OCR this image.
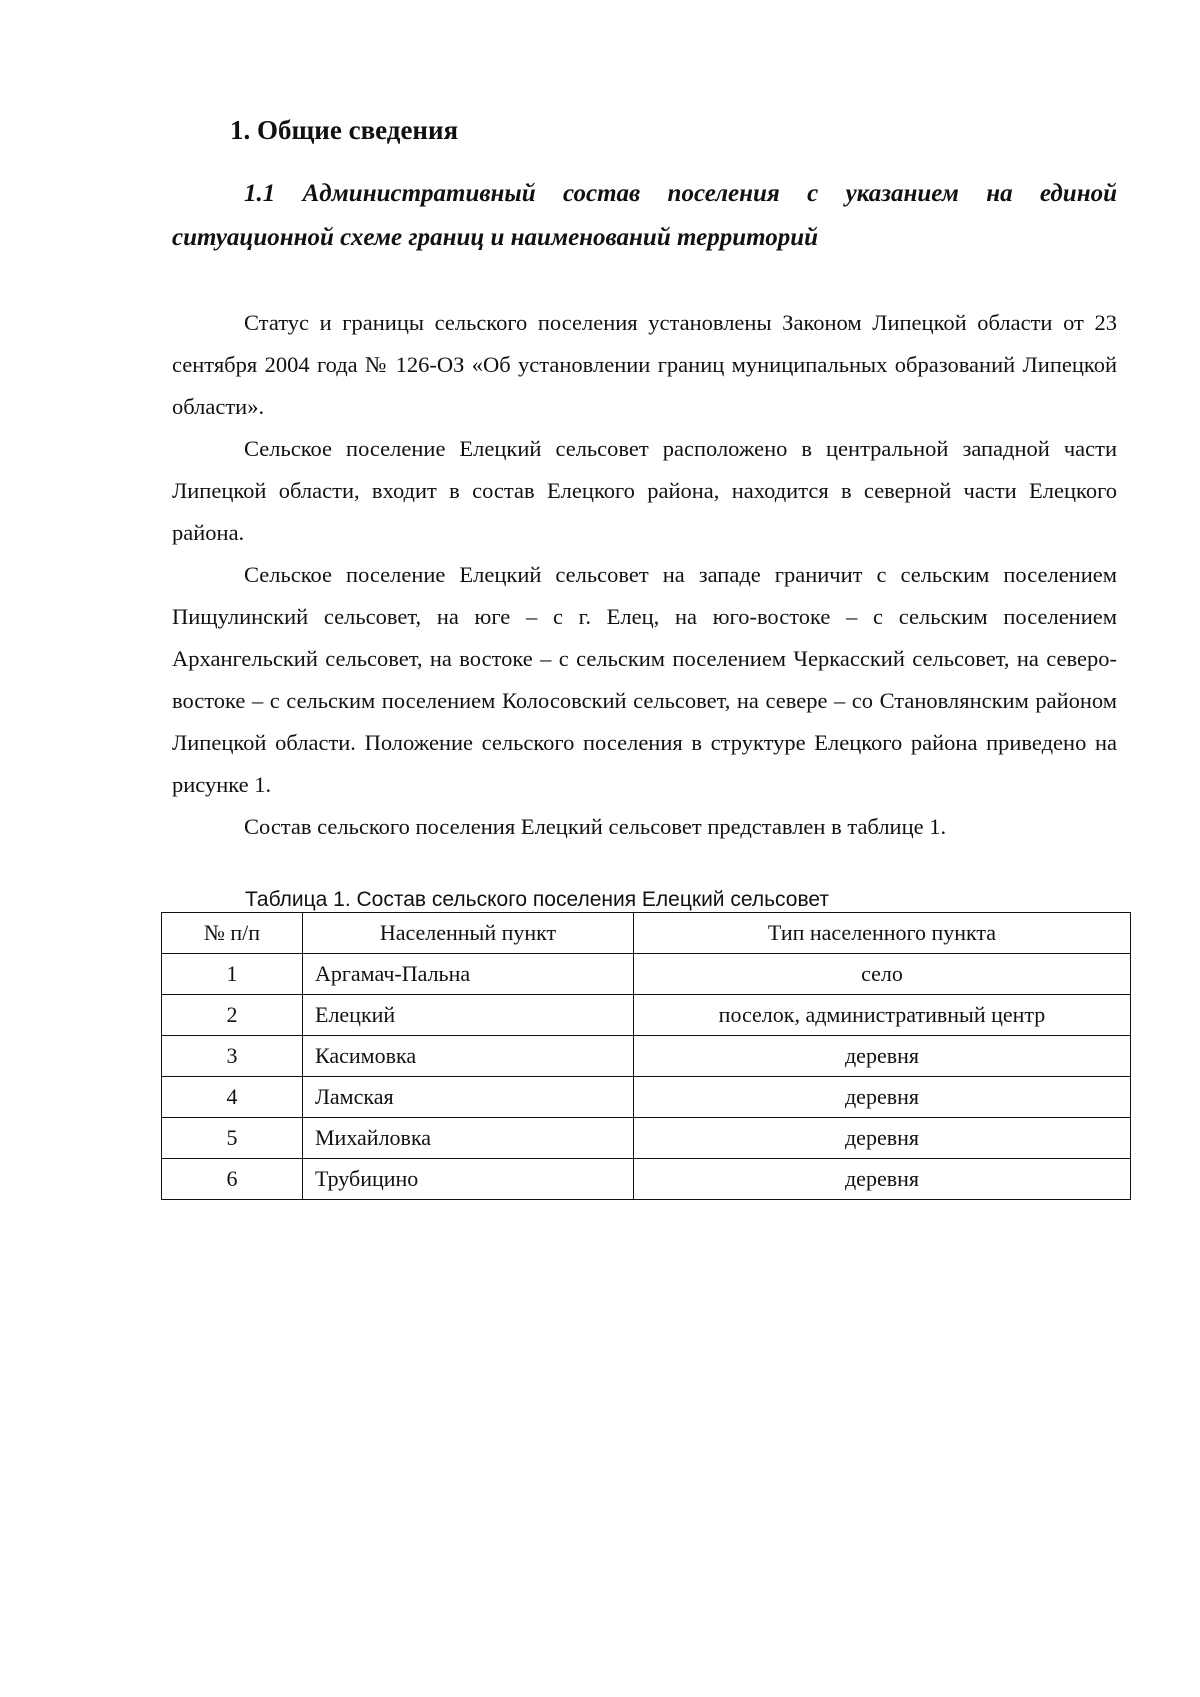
1. Общие сведения
1.1 Административный состав поселения с указанием на единой ситуационной схеме границ и наименований территорий

Статус и границы сельского поселения установлены Законом Липецкой области от 23 сентября 2004 года № 126-ОЗ «Об установлении границ муниципальных образований Липецкой области».

Сельское поселение Елецкий сельсовет расположено в центральной западной части Липецкой области, входит в состав Елецкого района, находится в северной части Елецкого района.

Сельское поселение Елецкий сельсовет на западе граничит с сельским поселением Пищулинский сельсовет, на юге – с г. Елец, на юго-востоке – с сельским поселением Архангельский сельсовет, на востоке – с сельским поселением Черкасский сельсовет, на северо-востоке – с сельским поселением Колосовский сельсовет, на севере – со Становлянским районом Липецкой области. Положение сельского поселения в структуре Елецкого района приведено на рисунке 1.

Состав сельского поселения Елецкий сельсовет представлен в таблице 1.

Таблица 1. Состав сельского поселения Елецкий сельсовет

№ п/п	Населенный пункт	Тип населенного пункта
1	Аргамач-Пальна	село
2	Елецкий	поселок, административный центр
3	Касимовка	деревня
4	Ламская	деревня
5	Михайловка	деревня
6	Трубицино	деревня
